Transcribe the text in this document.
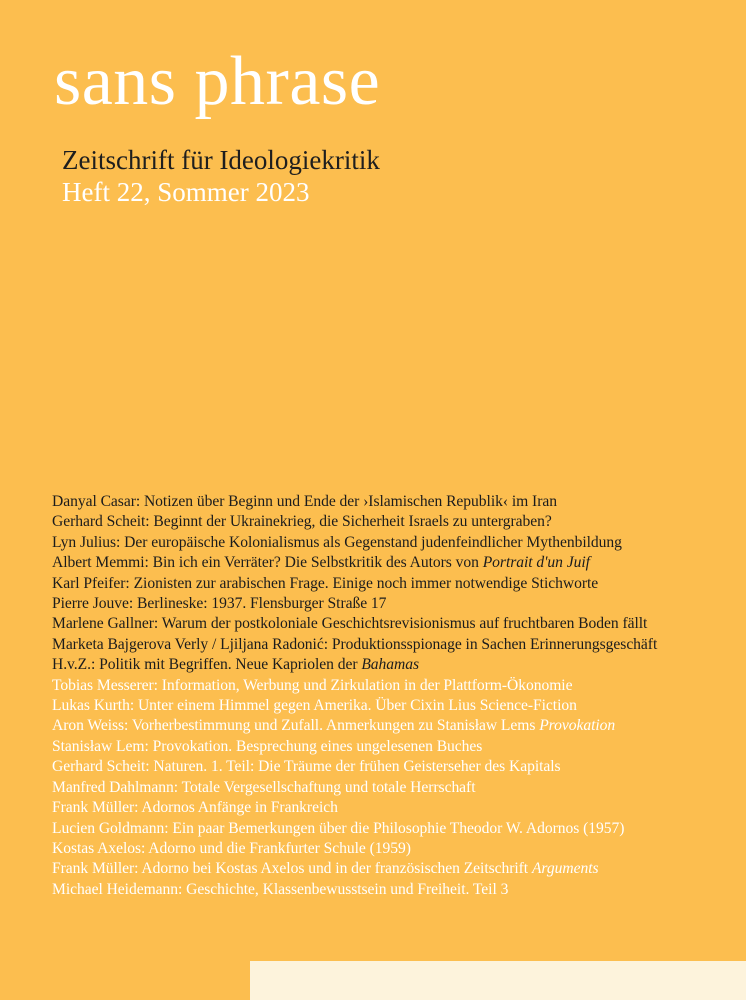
sans phrase
Zeitschrift für Ideologiekritik
Heft 22, Sommer 2023
Danyal Casar: Notizen über Beginn und Ende der ›Islamischen Republik‹ im Iran
Gerhard Scheit: Beginnt der Ukrainekrieg, die Sicherheit Israels zu untergraben?
Lyn Julius: Der europäische Kolonialismus als Gegenstand judenfeindlicher Mythenbildung
Albert Memmi: Bin ich ein Verräter? Die Selbstkritik des Autors von Portrait d'un Juif
Karl Pfeifer: Zionisten zur arabischen Frage. Einige noch immer notwendige Stichworte
Pierre Jouve: Berlineske: 1937. Flensburger Straße 17
Marlene Gallner: Warum der postkoloniale Geschichtsrevisionismus auf fruchtbaren Boden fällt
Marketa Bajgerova Verly / Ljiljana Radonić: Produktionsspionage in Sachen Erinnerungsgeschäft
H.v.Z.: Politik mit Begriffen. Neue Kapriolen der Bahamas
Tobias Messerer: Information, Werbung und Zirkulation in der Plattform-Ökonomie
Lukas Kurth: Unter einem Himmel gegen Amerika. Über Cixin Lius Science-Fiction
Aron Weiss: Vorherbestimmung und Zufall. Anmerkungen zu Stanisław Lems Provokation
Stanisław Lem: Provokation. Besprechung eines ungelesenen Buches
Gerhard Scheit: Naturen. 1. Teil: Die Träume der frühen Geisterseher des Kapitals
Manfred Dahlmann: Totale Vergesellschaftung und totale Herrschaft
Frank Müller: Adornos Anfänge in Frankreich
Lucien Goldmann: Ein paar Bemerkungen über die Philosophie Theodor W. Adornos (1957)
Kostas Axelos: Adorno und die Frankfurter Schule (1959)
Frank Müller: Adorno bei Kostas Axelos und in der französischen Zeitschrift Arguments
Michael Heidemann: Geschichte, Klassenbewusstsein und Freiheit. Teil 3
